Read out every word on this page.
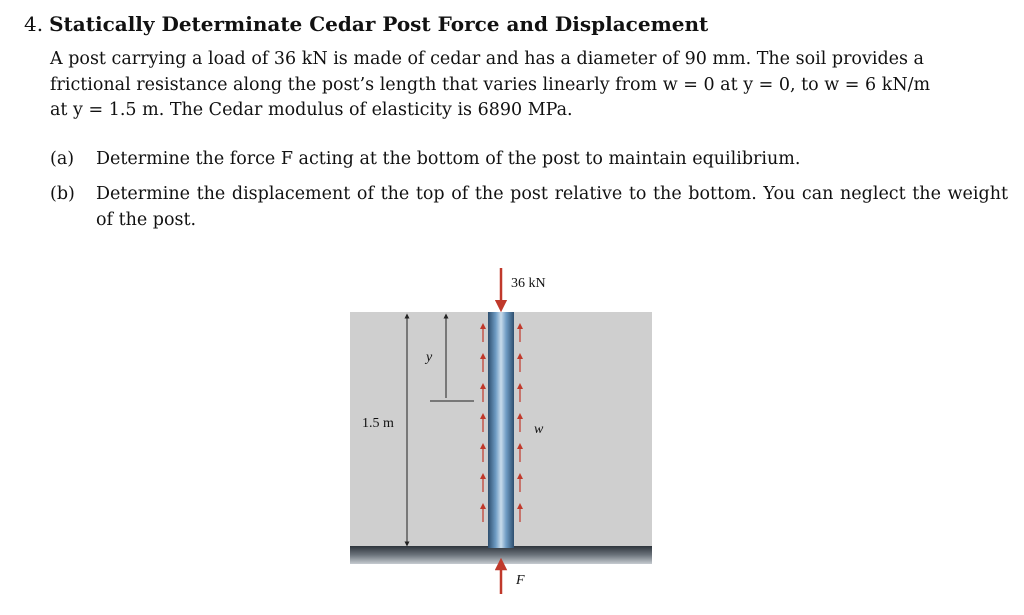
4. Statically Determinate Cedar Post Force and Displacement
A post carrying a load of 36 kN is made of cedar and has a diameter of 90 mm. The soil provides a
frictional resistance along the post’s length that varies linearly from w = 0 at y = 0, to w = 6 kN/m
at y = 1.5 m. The Cedar modulus of elasticity is 6890 MPa.
(a) Determine the force F acting at the bottom of the post to maintain equilibrium.
(b) Determine the displacement of the top of the post relative to the bottom. You can neglect the weight of the post.
36 kN
y
1.5 m	w
F
